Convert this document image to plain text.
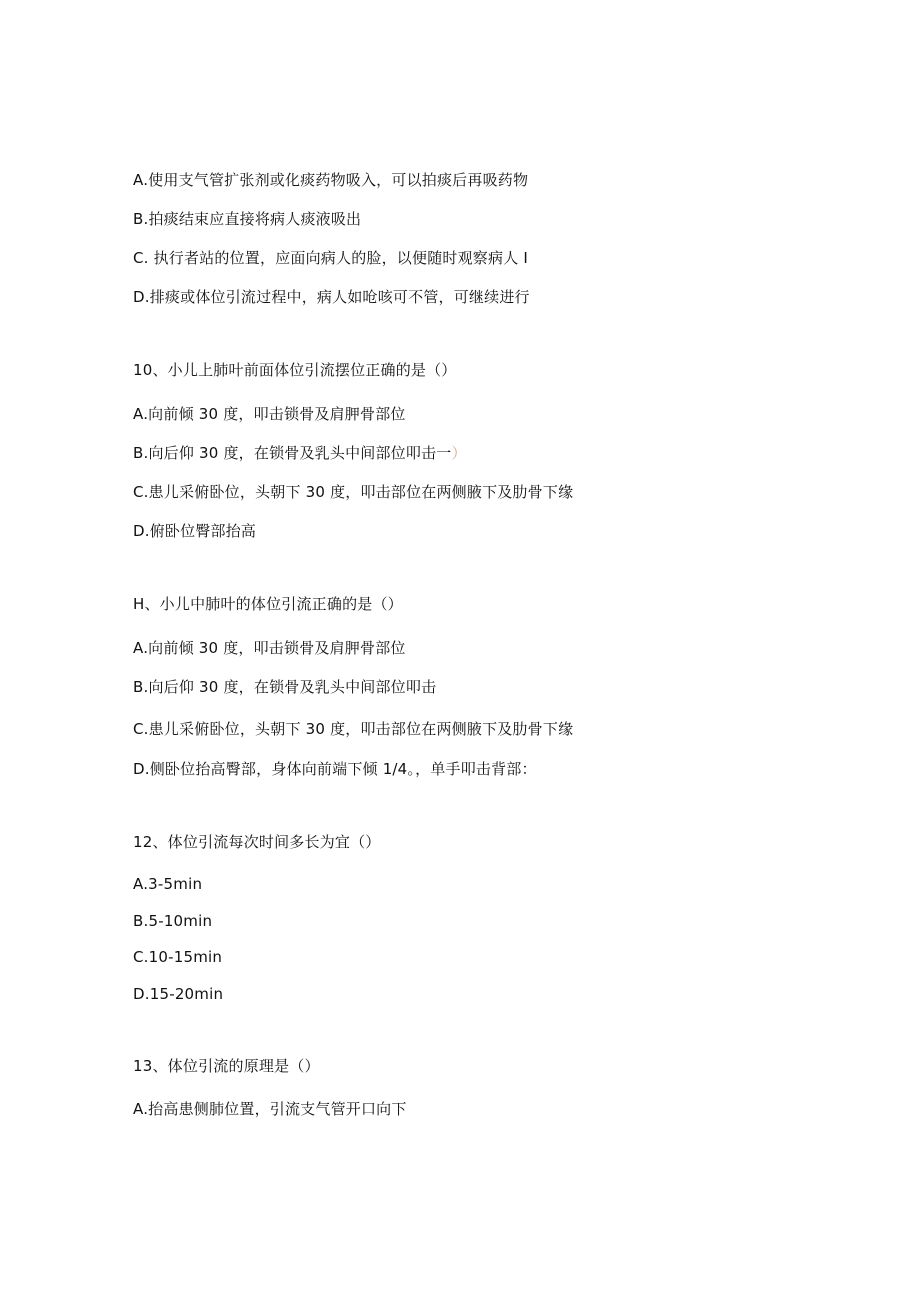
A.使用支气管扩张剂或化痰药物吸入，可以拍痰后再吸药物
B.拍痰结束应直接将病人痰液吸出
C. 执行者站的位置，应面向病人的脸，以便随时观察病人 I
D.排痰或体位引流过程中，病人如呛咳可不管，可继续进行
10、小儿上肺叶前面体位引流摆位正确的是（）
A.向前倾 30 度，叩击锁骨及肩胛骨部位
B.向后仰 30 度，在锁骨及乳头中间部位叩击一）
C.患儿采俯卧位，头朝下 30 度，叩击部位在两侧腋下及肋骨下缘
D.俯卧位臀部抬高
H、小儿中肺叶的体位引流正确的是（）
A.向前倾 30 度，叩击锁骨及肩胛骨部位
B.向后仰 30 度，在锁骨及乳头中间部位叩击
C.患儿采俯卧位，头朝下 30 度，叩击部位在两侧腋下及肋骨下缘
D.侧卧位抬高臀部，身体向前端下倾 1/4。，单手叩击背部：
12、体位引流每次时间多长为宜（）
A.3-5min
B.5-10min
C.10-15min
D.15-20min
13、体位引流的原理是（）
A.抬高患侧肺位置，引流支气管开口向下
